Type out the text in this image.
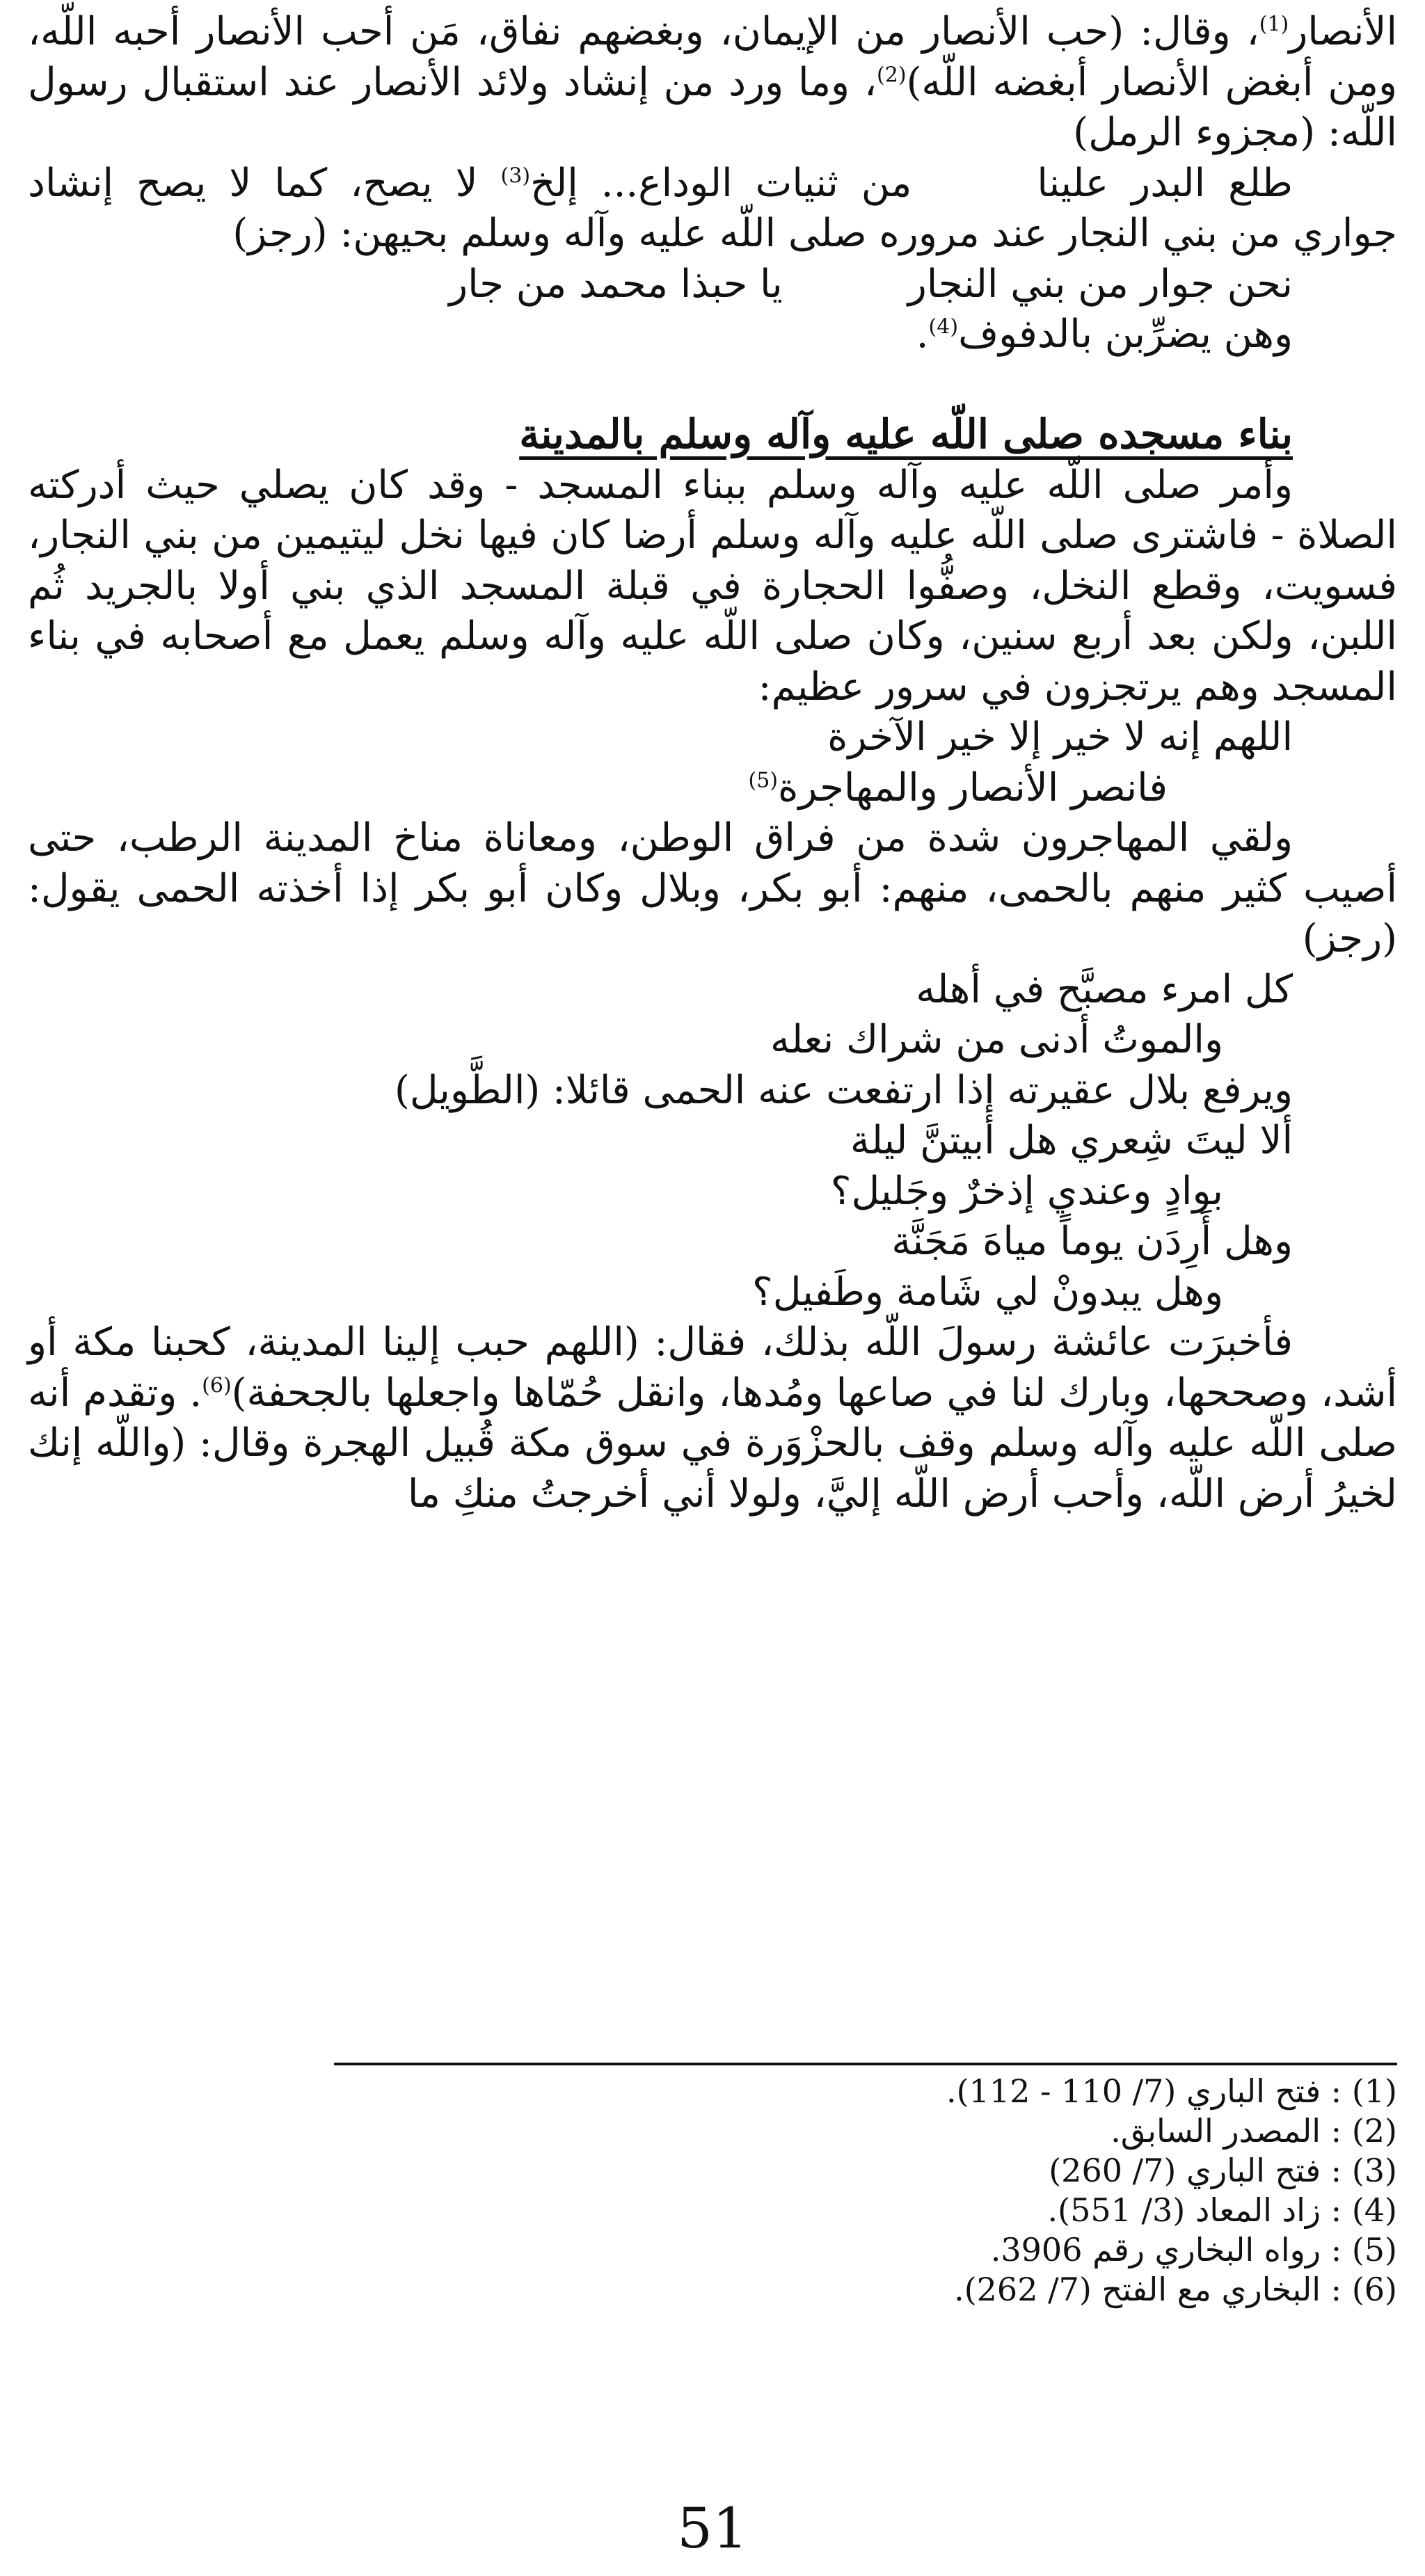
الأنصار$^{(1)}$، وقال: (حب الأنصار من الإيمان، وبغضهم نفاق، مَن أحب الأنصار أحبه اللّه، ومن أبغض الأنصار أبغضه اللّه)$^{(2)}$، وما ورد من إنشاد ولائد الأنصار عند استقبال رسول اللّه: (مجزوء الرمل)

طلع البدر علينامن ثنيات الوداع... إلخ$^{(3)}$ لا يصح، كما لا يصح إنشاد جواري من بني النجار عند مروره صلى اللّه عليه وآله وسلم بحيهن: (رجز)

نحن جوار من بني النجار
يا حبذا محمد من جار
وهن يضرِّبن بالدفوف$^{(4)}$.
بناء مسجده صلى اللّه عليه وآله وسلم بالمدينة

وأمر صلى اللّه عليه وآله وسلم ببناء المسجد - وقد كان يصلي حيث أدركته الصلاة - فاشترى صلى اللّه عليه وآله وسلم أرضا كان فيها نخل ليتيمين من بني النجار، فسويت، وقطع النخل، وصفُّوا الحجارة في قبلة المسجد الذي بني أولا بالجريد ثُم اللبن، ولكن بعد أربع سنين، وكان صلى اللّه عليه وآله وسلم يعمل مع أصحابه في بناء المسجد وهم يرتجزون في سرور عظيم:

اللهم إنه لا خير إلا خير الآخرة
فانصر الأنصار والمهاجرة$^{(5)}$

ولقي المهاجرون شدة من فراق الوطن، ومعاناة مناخ المدينة الرطب، حتى أصيب كثير منهم بالحمى، منهم: أبو بكر، وبلال وكان أبو بكر إذا أخذته الحمى يقول: (رجز)

كل امرء مصبَّح في أهله
والموتُ أدنى من شراك نعله

ويرفع بلال عقيرته إذا ارتفعت عنه الحمى قائلا: (الطَّويل)

ألا ليتَ شِعري هل أبيتنَّ ليلة
بوادٍ وعندي إذخرٌ وجَليل؟
وهل أَرِدَن يوماً مياهَ مَجَنَّة
وهل يبدونْ لي شَامة وطَفيل؟

فأخبرَت عائشة رسولَ اللّه بذلك، فقال: (اللهم حبب إلينا المدينة، كحبنا مكة أو أشد، وصححها، وبارك لنا في صاعها ومُدها، وانقل حُمّاها واجعلها بالجحفة)$^{(6)}$. وتقدم أنه صلى اللّه عليه وآله وسلم وقف بالحزْوَرة في سوق مكة قُبيل الهجرة وقال: (واللّه إنك لخيرُ أرض اللّه، وأحب أرض اللّه إليَّ، ولولا أني أخرجتُ منكِ ما

(1) : فتح الباري (7/ 110 - 112).

(2) : المصدر السابق.

(3) : فتح الباري (7/ 260)

(4) : زاد المعاد (3/ 551).

(5) : رواه البخاري رقم 3906.

(6) : البخاري مع الفتح (7/ 262).

51
